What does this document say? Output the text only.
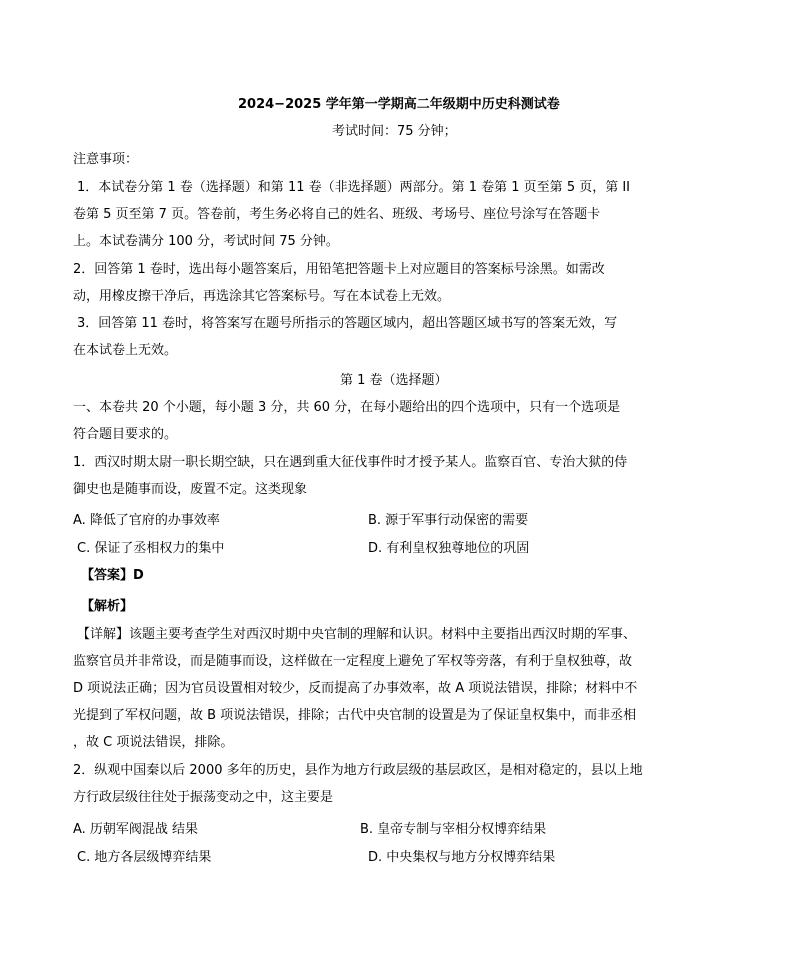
2024−2025 学年第一学期高二年级期中历史科测试卷
考试时间：75 分钟；
注意事项：
1．本试卷分第 1 卷（选择题）和第 11 卷（非选择题）两部分。第 1 卷第 1 页至第 5 页，第 II
卷第 5 页至第 7 页。答卷前，考生务必将自己的姓名、班级、考场号、座位号涂写在答题卡
上。本试卷满分 100 分，考试时间 75 分钟。
2．回答第 1 卷时，选出每小题答案后，用铅笔把答题卡上对应题目的答案标号涂黑。如需改
动，用橡皮擦干净后，再选涂其它答案标号。写在本试卷上无效。
3．回答第 11 卷时，将答案写在题号所指示的答题区域内，超出答题区域书写的答案无效，写
在本试卷上无效。
第 1 卷（选择题）
一、本卷共 20 个小题，每小题 3 分，共 60 分，在每小题给出的四个选项中，只有一个选项是
符合题目要求的。
1．西汉时期太尉一职长期空缺，只在遇到重大征伐事件时才授予某人。监察百官、专治大狱的侍
御史也是随事而设，废置不定。这类现象
A. 降低了官府的办事效率	B. 源于军事行动保密的需要
C. 保证了丞相权力的集中	D. 有利皇权独尊地位的巩固
【答案】D
【解析】
【详解】该题主要考查学生对西汉时期中央官制的理解和认识。材料中主要指出西汉时期的军事、
监察官员并非常设，而是随事而设，这样做在一定程度上避免了军权等旁落，有利于皇权独尊，故
D 项说法正确；因为官员设置相对较少，反而提高了办事效率，故 A 项说法错误，排除；材料中不
光提到了军权问题，故 B 项说法错误，排除；古代中央官制的设置是为了保证皇权集中，而非丞相
，故 C 项说法错误，排除。
2．纵观中国秦以后 2000 多年的历史，县作为地方行政层级的基层政区，是相对稳定的，县以上地
方行政层级往往处于振荡变动之中，这主要是
A. 历朝军阀混战 结果	B. 皇帝专制与宰相分权博弈结果
C. 地方各层级博弈结果	D. 中央集权与地方分权博弈结果
